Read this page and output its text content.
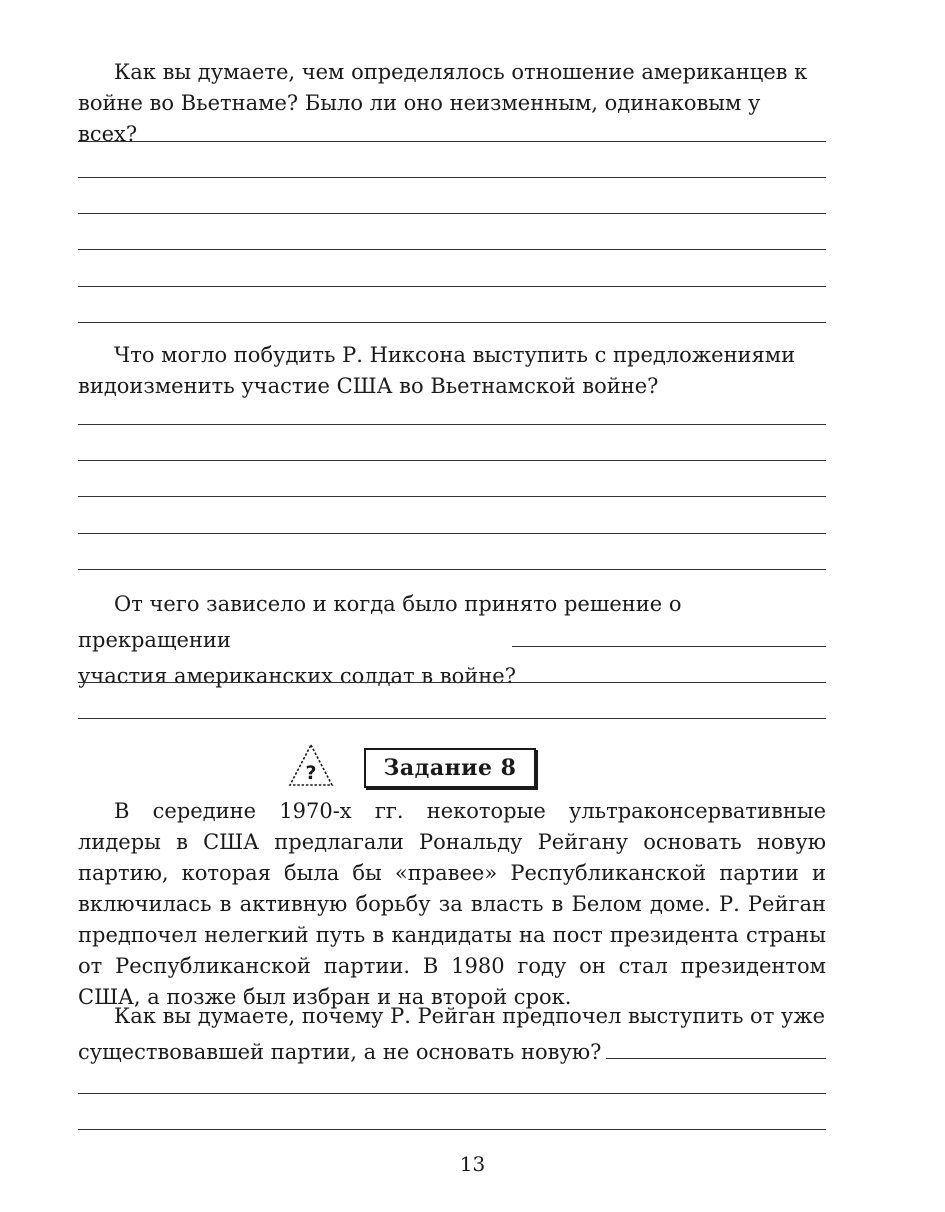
Как вы думаете, чем определялось отношение американцев к войне во Вьетнаме? Было ли оно неизменным, одинаковым у всех?

Что могло побудить Р. Никсона выступить с предложениями видоизменить участие США во Вьетнамской войне?

От чего зависело и когда было принято решение о прекращении
участия американских солдат в войне?

?	Задание 8

В середине 1970-х гг. некоторые ультраконсервативные лидеры в США предлагали Рональду Рейгану основать новую партию, которая была бы «правее» Республиканской партии и включилась в активную борьбу за власть в Белом доме. Р. Рейган предпочел нелегкий путь в кандидаты на пост президента страны от Республиканской партии. В 1980 году он стал президентом США, а позже был избран и на второй срок.

Как вы думаете, почему Р. Рейган предпочел выступить от уже
существовавшей партии, а не основать новую?

13
